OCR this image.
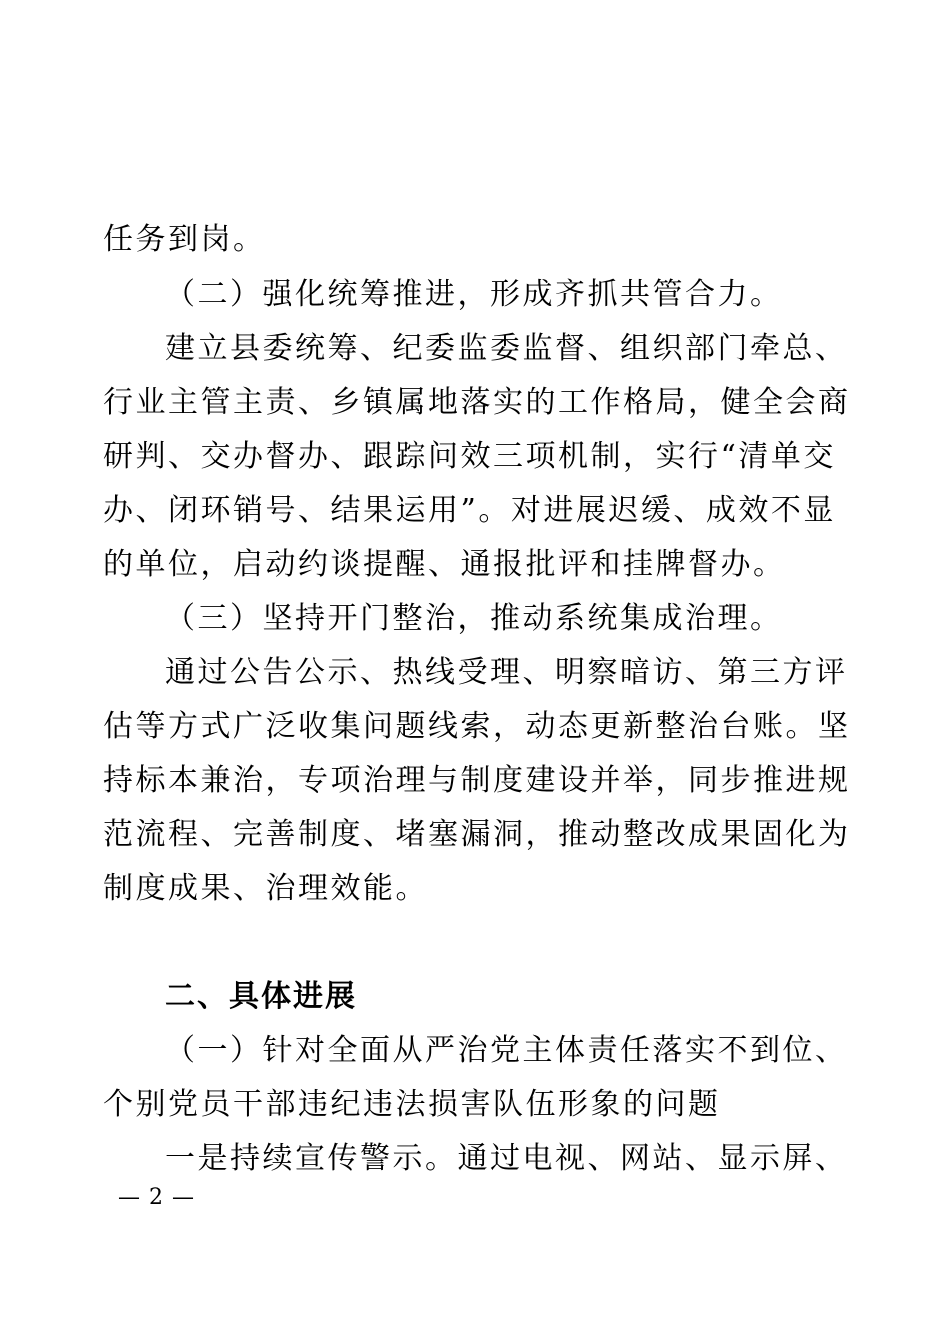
任务到岗。
（二）强化统筹推进，形成齐抓共管合力。
建立县委统筹、纪委监委监督、组织部门牵总、
行业主管主责、乡镇属地落实的工作格局，健全会商
研判、交办督办、跟踪问效三项机制，实行“清单交
办、闭环销号、结果运用”。对进展迟缓、成效不显
的单位，启动约谈提醒、通报批评和挂牌督办。
（三）坚持开门整治，推动系统集成治理。
通过公告公示、热线受理、明察暗访、第三方评
估等方式广泛收集问题线索，动态更新整治台账。坚
持标本兼治，专项治理与制度建设并举，同步推进规
范流程、完善制度、堵塞漏洞，推动整改成果固化为
制度成果、治理效能。
二、具体进展
（一）针对全面从严治党主体责任落实不到位、
个别党员干部违纪违法损害队伍形象的问题
一是持续宣传警示。通过电视、网站、显示屏、
— 2 —
